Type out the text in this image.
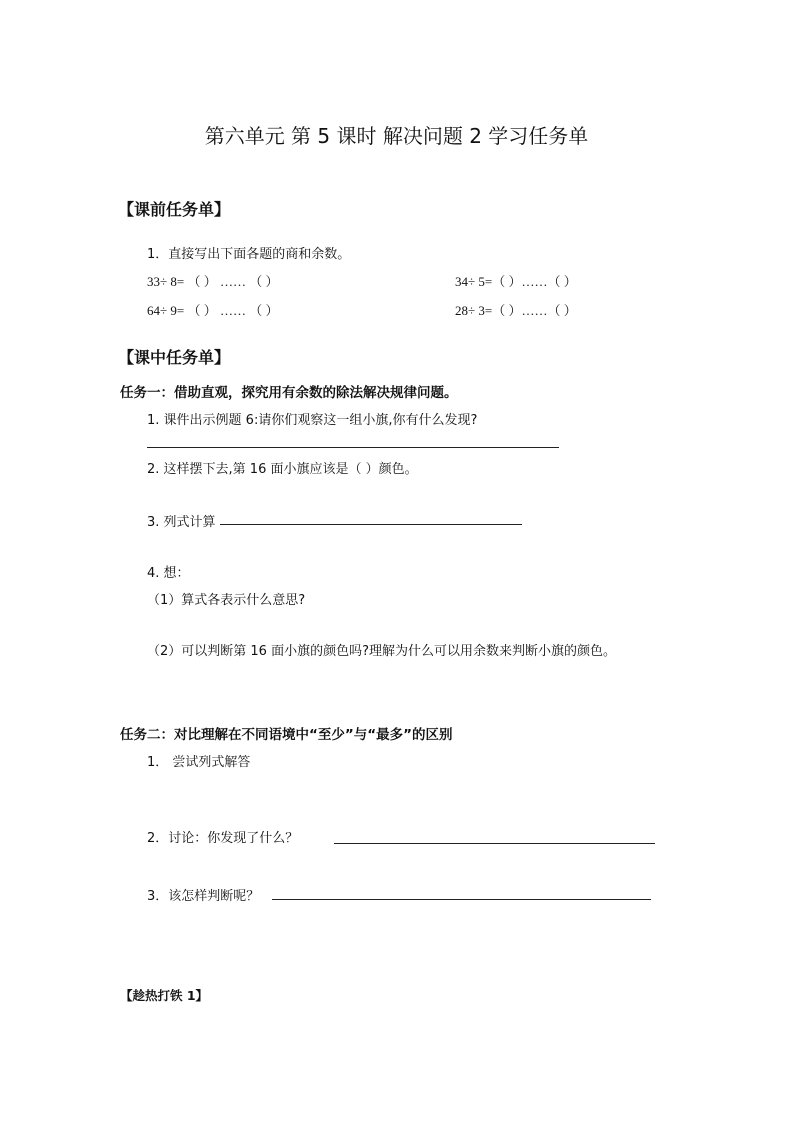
第六单元 第 5 课时 解决问题 2 学习任务单
【课前任务单】
1．直接写出下面各题的商和余数。
33÷ 8= （ ） …… （ ）	34÷ 5=（ ）……（ ）
64÷ 9= （ ） …… （ ）	28÷ 3=（ ）……（ ）
【课中任务单】
任务一：借助直观，探究用有余数的除法解决规律问题。
1. 课件出示例题 6:请你们观察这一组小旗,你有什么发现?
2. 这样摆下去,第 16 面小旗应该是（ ）颜色。
3. 列式计算
4. 想：
（1）算式各表示什么意思?
（2）可以判断第 16 面小旗的颜色吗?理解为什么可以用余数来判断小旗的颜色。
任务二：对比理解在不同语境中“至少”与“最多”的区别
1． 尝试列式解答
2．讨论：你发现了什么？
3．该怎样判断呢？
【趁热打铁 1】
